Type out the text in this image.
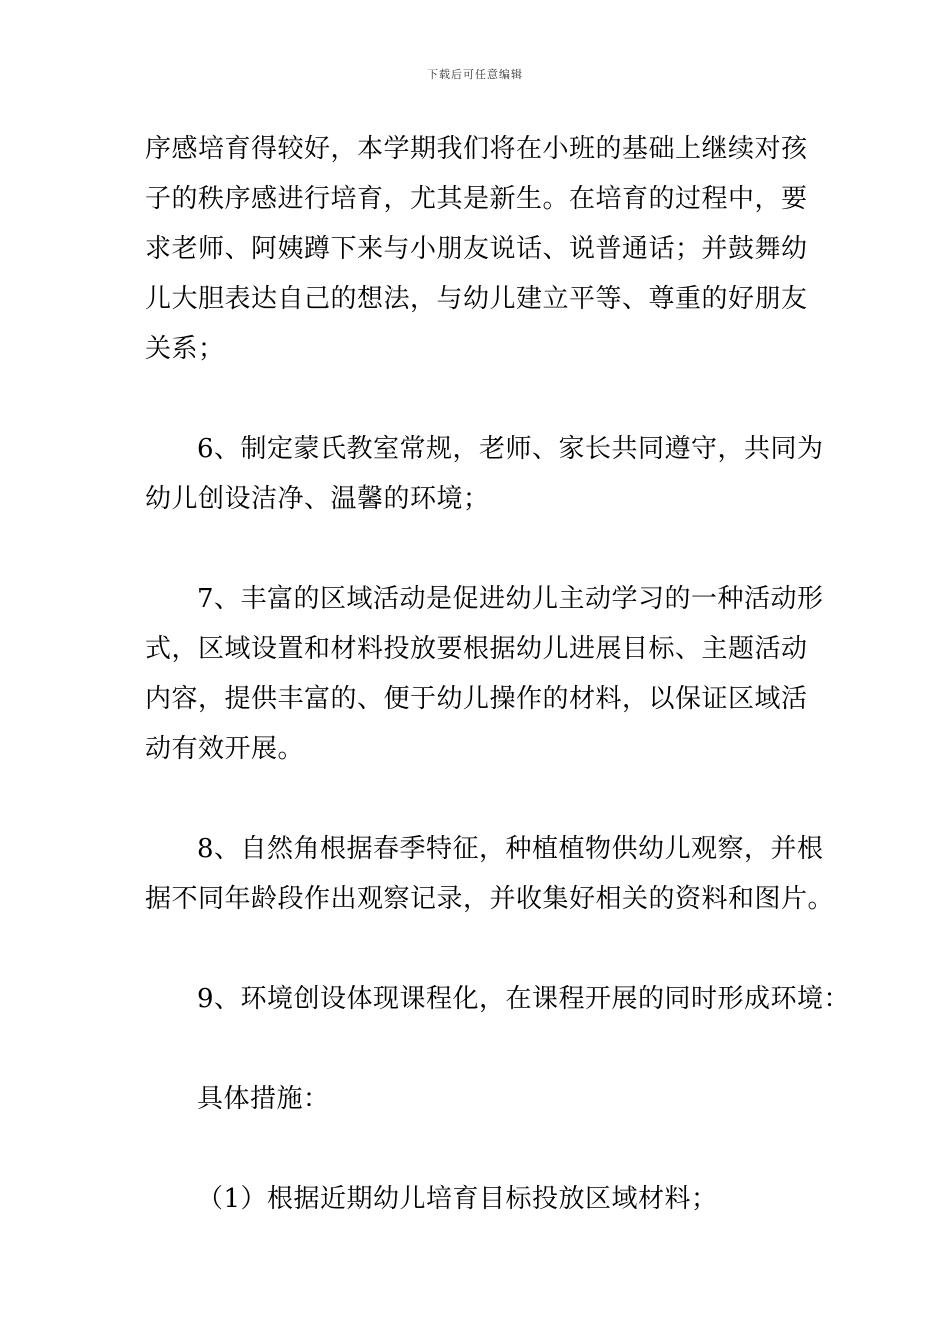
下载后可任意编辑
序感培育得较好，本学期我们将在小班的基础上继续对孩
子的秩序感进行培育，尤其是新生。在培育的过程中，要
求老师、阿姨蹲下来与小朋友说话、说普通话；并鼓舞幼
儿大胆表达自己的想法，与幼儿建立平等、尊重的好朋友
关系；
6、制定蒙氏教室常规，老师、家长共同遵守，共同为
幼儿创设洁净、温馨的环境；
7、丰富的区域活动是促进幼儿主动学习的一种活动形
式，区域设置和材料投放要根据幼儿进展目标、主题活动
内容，提供丰富的、便于幼儿操作的材料，以保证区域活
动有效开展。
8、自然角根据春季特征，种植植物供幼儿观察，并根
据不同年龄段作出观察记录，并收集好相关的资料和图片。
9、环境创设体现课程化，在课程开展的同时形成环境：
具体措施：
（1）根据近期幼儿培育目标投放区域材料；
